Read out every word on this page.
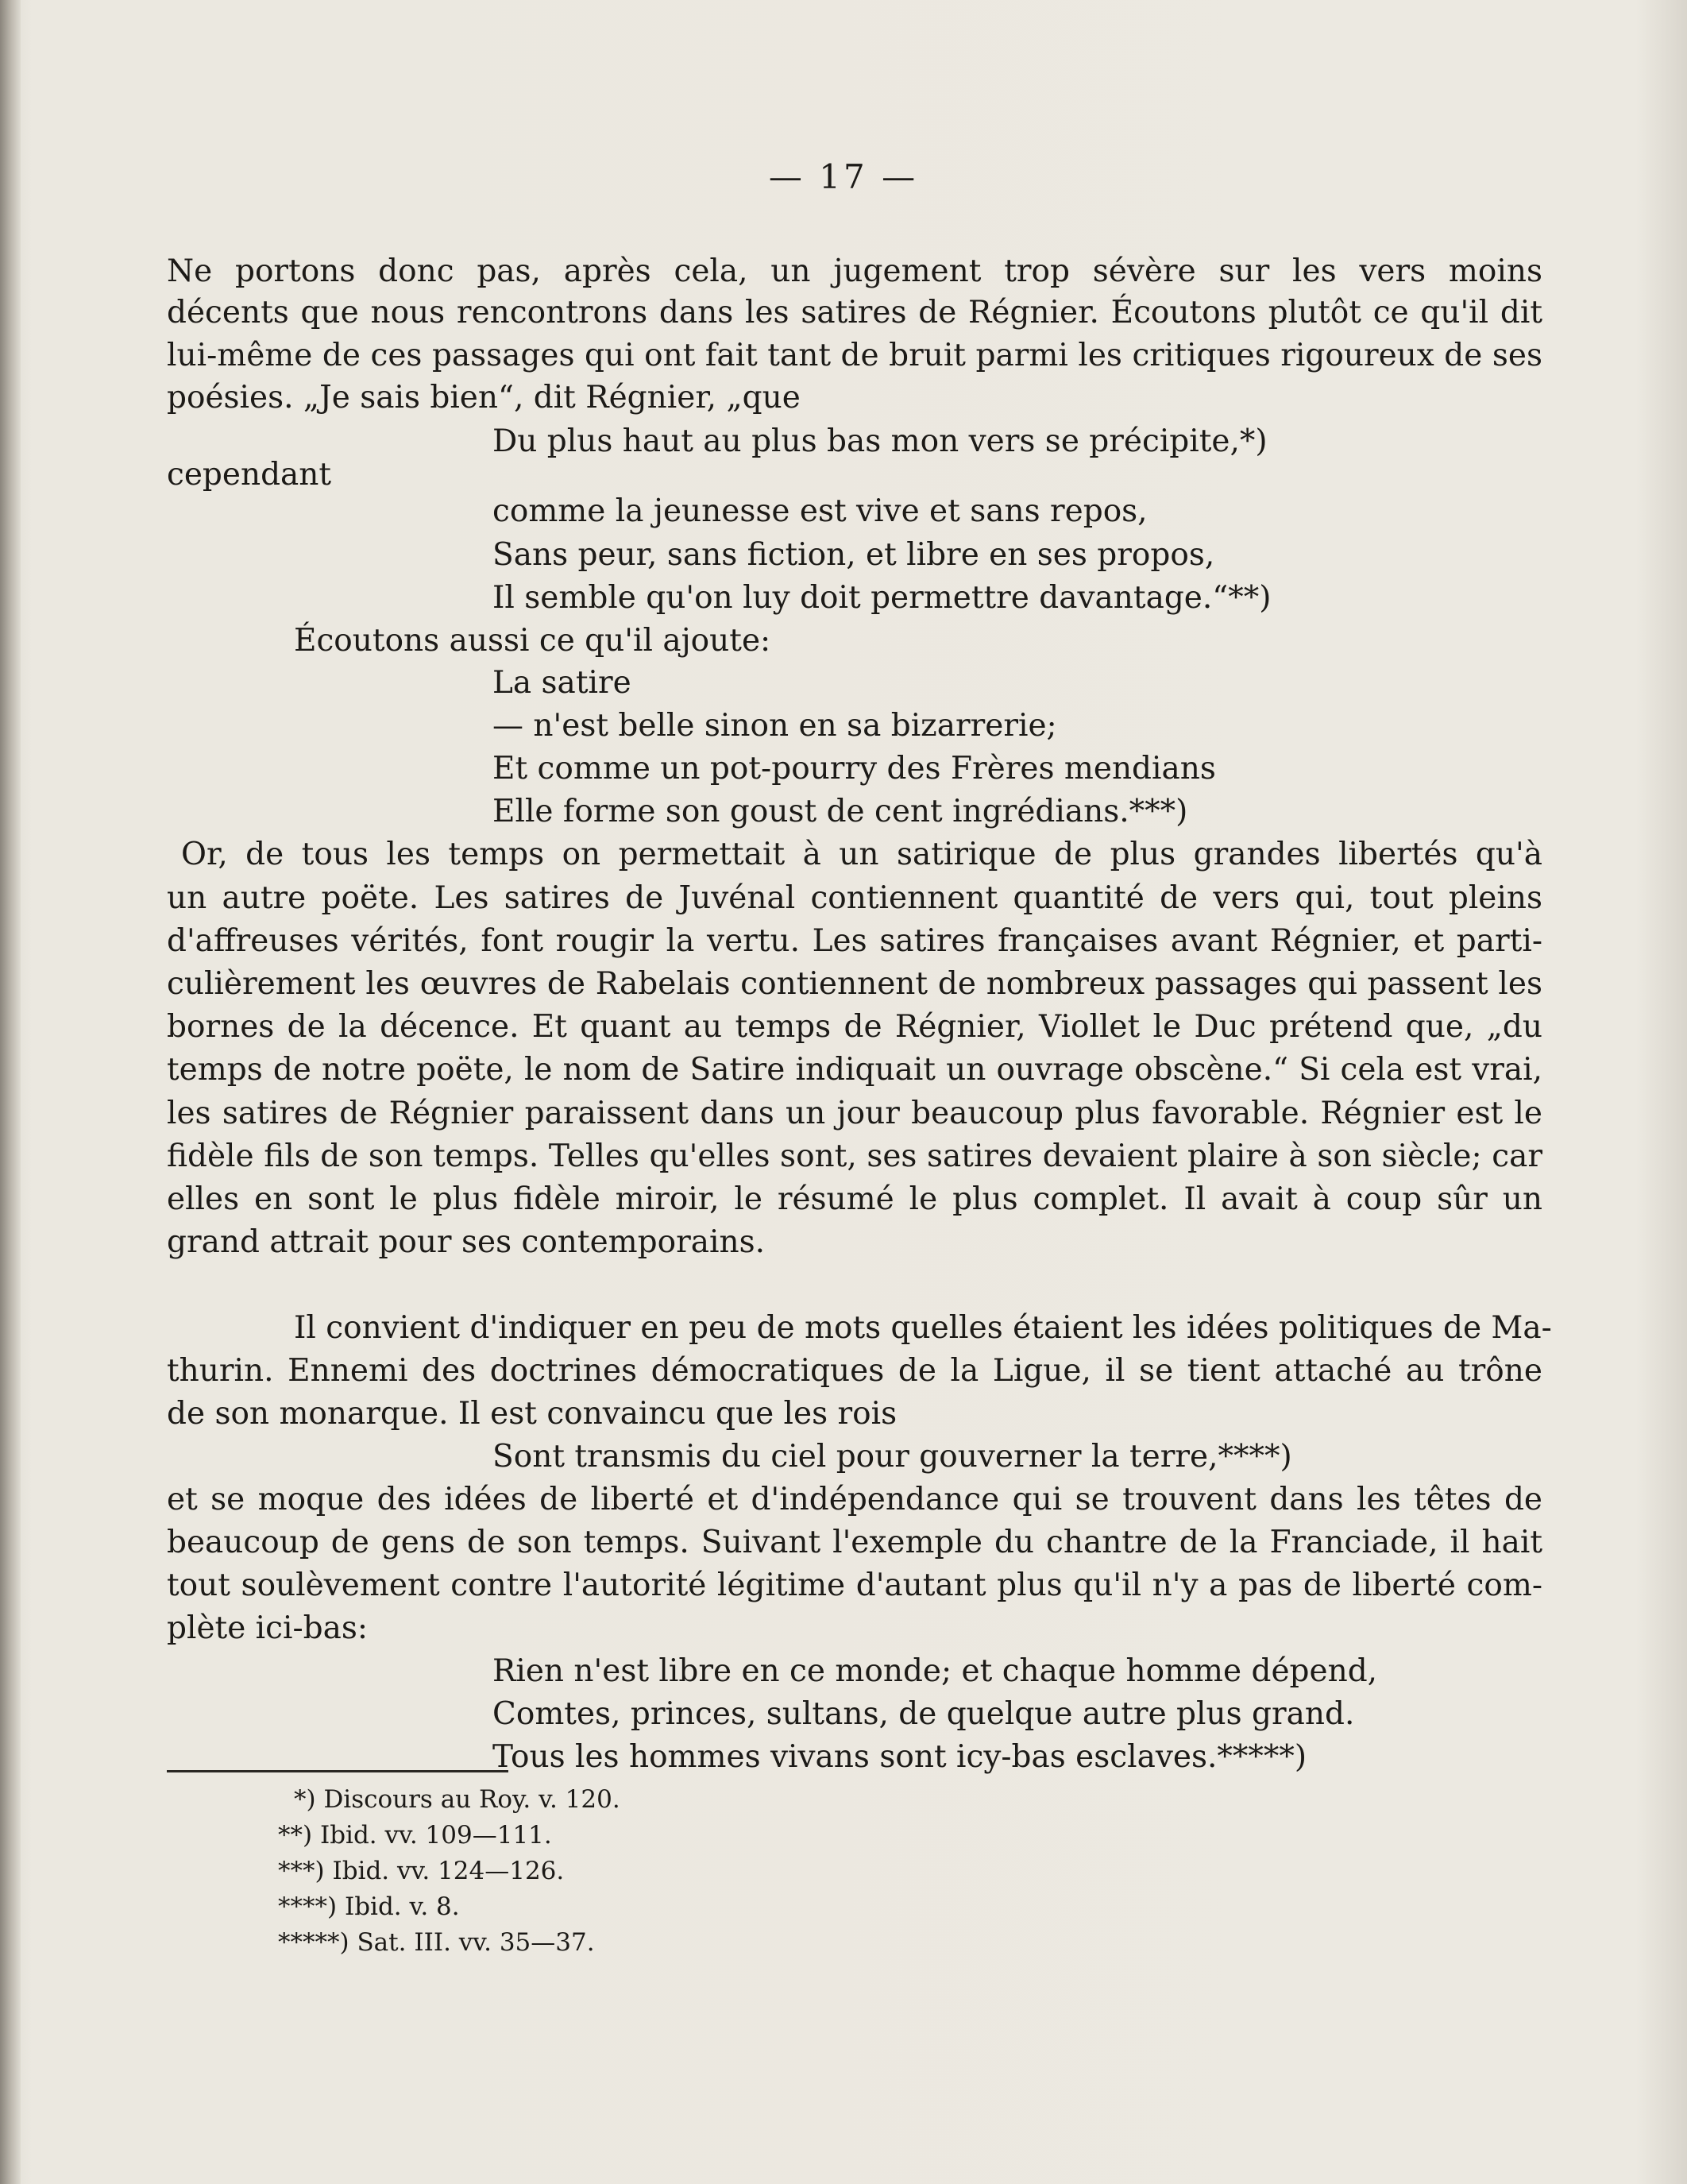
— 17 —
Ne portons donc pas, après cela, un jugement trop sévère sur les vers moins
décents que nous rencontrons dans les satires de Régnier. Écoutons plutôt ce qu'il dit
lui-même de ces passages qui ont fait tant de bruit parmi les critiques rigoureux de ses
poésies. „Je sais bien“, dit Régnier, „que
Du plus haut au plus bas mon vers se précipite,*)
cependant
comme la jeunesse est vive et sans repos,
Sans peur, sans fiction, et libre en ses propos,
Il semble qu'on luy doit permettre davantage.“**)
Écoutons aussi ce qu'il ajoute:
La satire
— n'est belle sinon en sa bizarrerie;
Et comme un pot-pourry des Frères mendians
Elle forme son goust de cent ingrédians.***)
Or, de tous les temps on permettait à un satirique de plus grandes libertés qu'à
un autre poëte. Les satires de Juvénal contiennent quantité de vers qui, tout pleins
d'affreuses vérités, font rougir la vertu. Les satires françaises avant Régnier, et parti-
culièrement les œuvres de Rabelais contiennent de nombreux passages qui passent les
bornes de la décence. Et quant au temps de Régnier, Viollet le Duc prétend que, „du
temps de notre poëte, le nom de Satire indiquait un ouvrage obscène.“ Si cela est vrai,
les satires de Régnier paraissent dans un jour beaucoup plus favorable. Régnier est le
fidèle fils de son temps. Telles qu'elles sont, ses satires devaient plaire à son siècle; car
elles en sont le plus fidèle miroir, le résumé le plus complet. Il avait à coup sûr un
grand attrait pour ses contemporains.
Il convient d'indiquer en peu de mots quelles étaient les idées politiques de Ma-
thurin. Ennemi des doctrines démocratiques de la Ligue, il se tient attaché au trône
de son monarque. Il est convaincu que les rois
Sont transmis du ciel pour gouverner la terre,****)
et se moque des idées de liberté et d'indépendance qui se trouvent dans les têtes de
beaucoup de gens de son temps. Suivant l'exemple du chantre de la Franciade, il hait
tout soulèvement contre l'autorité légitime d'autant plus qu'il n'y a pas de liberté com-
plète ici-bas:
Rien n'est libre en ce monde; et chaque homme dépend,
Comtes, princes, sultans, de quelque autre plus grand.
Tous les hommes vivans sont icy-bas esclaves.*****)
*) Discours au Roy. v. 120.
**) Ibid. vv. 109—111.
***) Ibid. vv. 124—126.
****) Ibid. v. 8.
*****) Sat. III. vv. 35—37.
